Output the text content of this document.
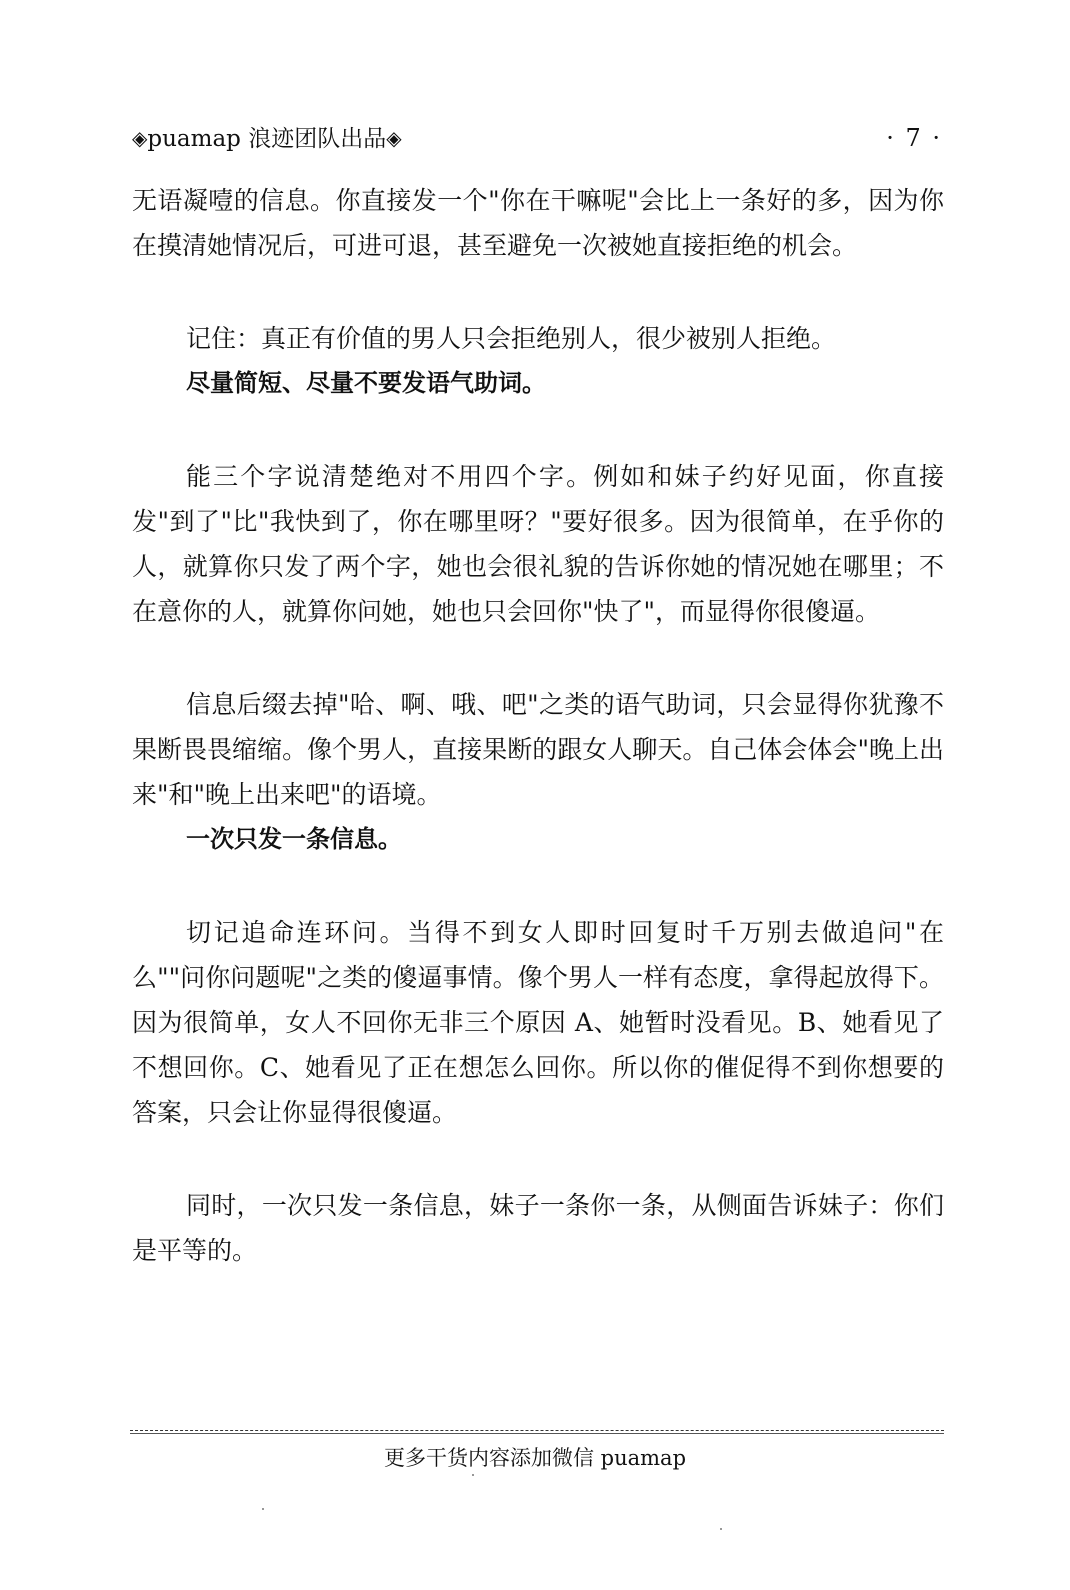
◈puamap 浪迹团队出品◈	· 7 ·

无语凝噎的信息。你直接发一个"你在干嘛呢"会比上一条好的多，因为你在摸清她情况后，可进可退，甚至避免一次被她直接拒绝的机会。

记住：真正有价值的男人只会拒绝别人，很少被别人拒绝。

尽量简短、尽量不要发语气助词。

能三个字说清楚绝对不用四个字。例如和妹子约好见面，你直接发"到了"比"我快到了，你在哪里呀？"要好很多。因为很简单，在乎你的人，就算你只发了两个字，她也会很礼貌的告诉你她的情况她在哪里；不在意你的人，就算你问她，她也只会回你"快了"，而显得你很傻逼。

信息后缀去掉"哈、啊、哦、吧"之类的语气助词，只会显得你犹豫不果断畏畏缩缩。像个男人，直接果断的跟女人聊天。自己体会体会"晚上出来"和"晚上出来吧"的语境。

一次只发一条信息。

切记追命连环问。当得不到女人即时回复时千万别去做追问"在么""问你问题呢"之类的傻逼事情。像个男人一样有态度，拿得起放得下。因为很简单，女人不回你无非三个原因 A、她暂时没看见。B、她看见了不想回你。C、她看见了正在想怎么回你。所以你的催促得不到你想要的答案，只会让你显得很傻逼。

同时，一次只发一条信息，妹子一条你一条，从侧面告诉妹子：你们是平等的。

更多干货内容添加微信 puamap
